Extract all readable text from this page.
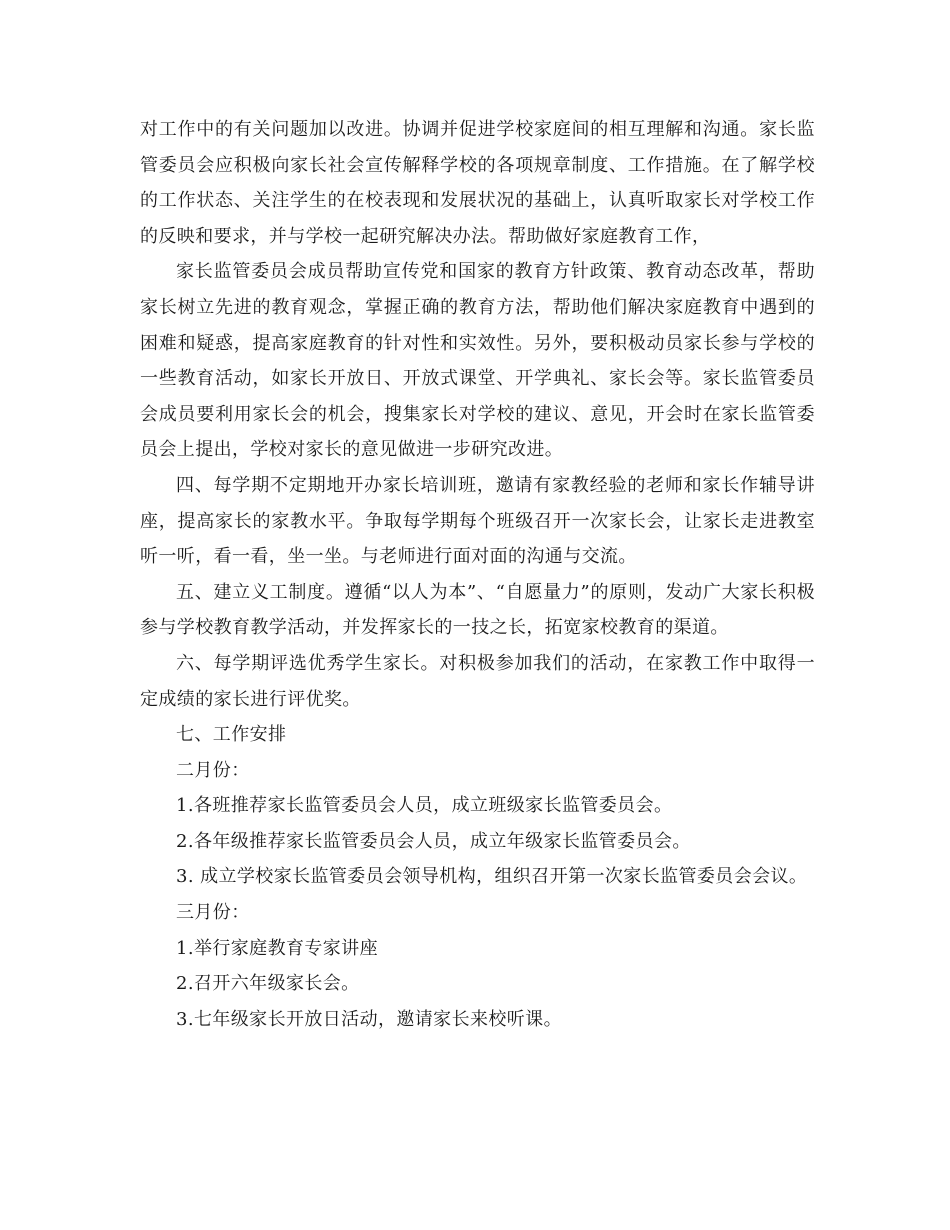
对工作中的有关问题加以改进。协调并促进学校家庭间的相互理解和沟通。家长监管委员会应积极向家长社会宣传解释学校的各项规章制度、工作措施。在了解学校的工作状态、关注学生的在校表现和发展状况的基础上，认真听取家长对学校工作的反映和要求，并与学校一起研究解决办法。帮助做好家庭教育工作，

家长监管委员会成员帮助宣传党和国家的教育方针政策、教育动态改革，帮助家长树立先进的教育观念，掌握正确的教育方法，帮助他们解决家庭教育中遇到的困难和疑惑，提高家庭教育的针对性和实效性。另外，要积极动员家长参与学校的一些教育活动，如家长开放日、开放式课堂、开学典礼、家长会等。家长监管委员会成员要利用家长会的机会，搜集家长对学校的建议、意见，开会时在家长监管委员会上提出，学校对家长的意见做进一步研究改进。

四、每学期不定期地开办家长培训班，邀请有家教经验的老师和家长作辅导讲座，提高家长的家教水平。争取每学期每个班级召开一次家长会，让家长走进教室听一听，看一看，坐一坐。与老师进行面对面的沟通与交流。

五、建立义工制度。遵循“以人为本”、“自愿量力”的原则，发动广大家长积极参与学校教育教学活动，并发挥家长的一技之长，拓宽家校教育的渠道。

六、每学期评选优秀学生家长。对积极参加我们的活动，在家教工作中取得一定成绩的家长进行评优奖。

七、工作安排

二月份：

1.各班推荐家长监管委员会人员，成立班级家长监管委员会。

2.各年级推荐家长监管委员会人员，成立年级家长监管委员会。

3. 成立学校家长监管委员会领导机构，组织召开第一次家长监管委员会会议。

三月份：

1.举行家庭教育专家讲座

2.召开六年级家长会。

3.七年级家长开放日活动，邀请家长来校听课。
